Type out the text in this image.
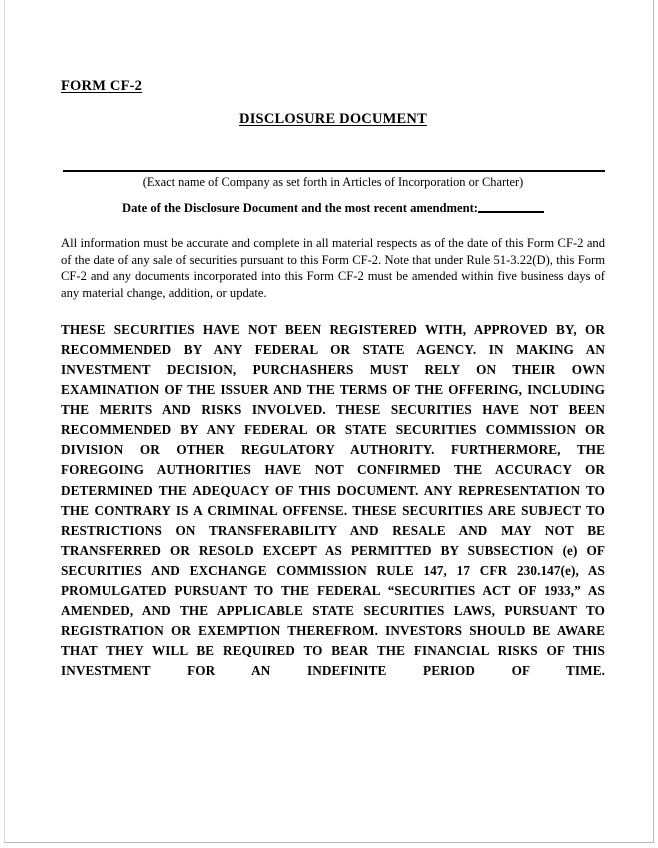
FORM CF-2
DISCLOSURE DOCUMENT
(Exact name of Company as set forth in Articles of Incorporation or Charter)
Date of the Disclosure Document and the most recent amendment:
All information must be accurate and complete in all material respects as of the date of this Form CF-2 and of the date of any sale of securities pursuant to this Form CF-2. Note that under Rule 51-3.22(D), this Form CF-2 and any documents incorporated into this Form CF-2 must be amended within five business days of any material change, addition, or update.
THESE SECURITIES HAVE NOT BEEN REGISTERED WITH, APPROVED BY, OR RECOMMENDED BY ANY FEDERAL OR STATE AGENCY. IN MAKING AN INVESTMENT DECISION, PURCHASHERS MUST RELY ON THEIR OWN EXAMINATION OF THE ISSUER AND THE TERMS OF THE OFFERING, INCLUDING THE MERITS AND RISKS INVOLVED. THESE SECURITIES HAVE NOT BEEN RECOMMENDED BY ANY FEDERAL OR STATE SECURITIES COMMISSION OR DIVISION OR OTHER REGULATORY AUTHORITY. FURTHERMORE, THE FOREGOING AUTHORITIES HAVE NOT CONFIRMED THE ACCURACY OR DETERMINED THE ADEQUACY OF THIS DOCUMENT. ANY REPRESENTATION TO THE CONTRARY IS A CRIMINAL OFFENSE. THESE SECURITIES ARE SUBJECT TO RESTRICTIONS ON TRANSFERABILITY AND RESALE AND MAY NOT BE TRANSFERRED OR RESOLD EXCEPT AS PERMITTED BY SUBSECTION (e) OF SECURITIES AND EXCHANGE COMMISSION RULE 147, 17 CFR 230.147(e), AS PROMULGATED PURSUANT TO THE FEDERAL “SECURITIES ACT OF 1933,” AS AMENDED, AND THE APPLICABLE STATE SECURITIES LAWS, PURSUANT TO REGISTRATION OR EXEMPTION THEREFROM. INVESTORS SHOULD BE AWARE THAT THEY WILL BE REQUIRED TO BEAR THE FINANCIAL RISKS OF THIS INVESTMENT FOR AN INDEFINITE PERIOD OF TIME.
